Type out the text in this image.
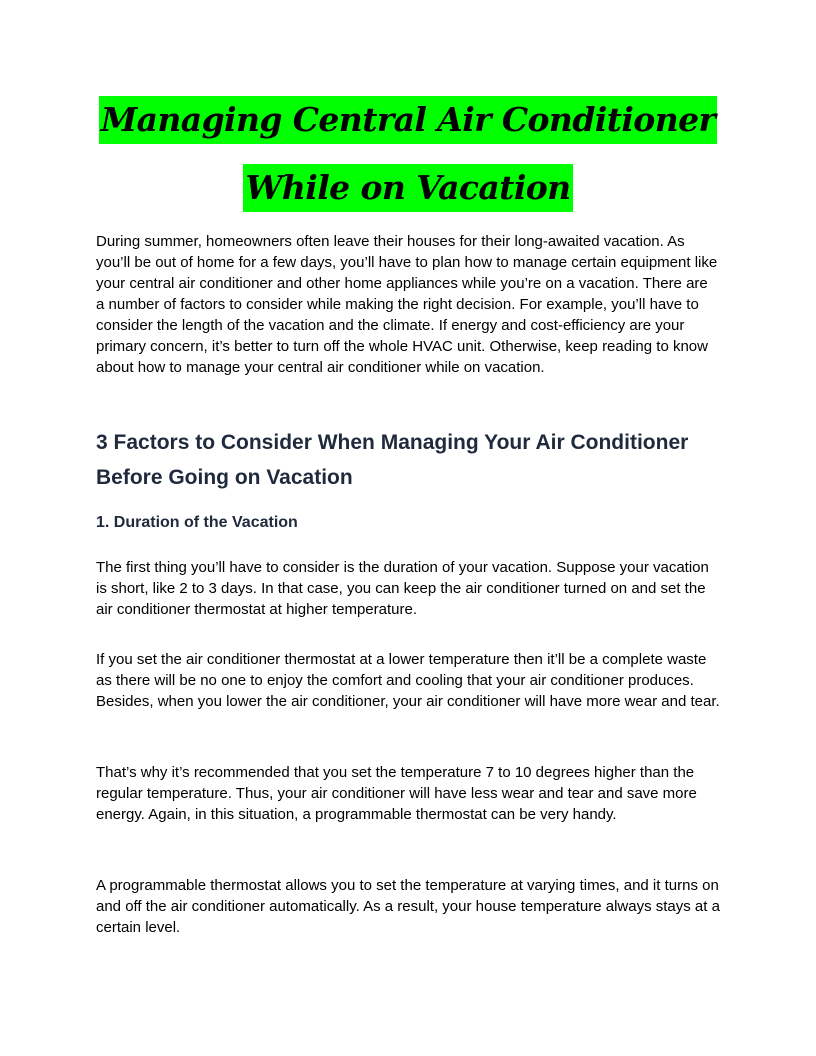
Managing Central Air Conditioner
While on Vacation

During summer, homeowners often leave their houses for their long-awaited vacation. As you’ll be out of home for a few days, you’ll have to plan how to manage certain equipment like your central air conditioner and other home appliances while you’re on a vacation. There are a number of factors to consider while making the right decision. For example, you’ll have to consider the length of the vacation and the climate. If energy and cost-efficiency are your primary concern, it’s better to turn off the whole HVAC unit. Otherwise, keep reading to know about how to manage your central air conditioner while on vacation.

3 Factors to Consider When Managing Your Air Conditioner Before Going on Vacation
1. Duration of the Vacation

The first thing you’ll have to consider is the duration of your vacation. Suppose your vacation is short, like 2 to 3 days. In that case, you can keep the air conditioner turned on and set the air conditioner thermostat at higher temperature.

If you set the air conditioner thermostat at a lower temperature then it’ll be a complete waste as there will be no one to enjoy the comfort and cooling that your air conditioner produces. Besides, when you lower the air conditioner, your air conditioner will have more wear and tear.

That’s why it’s recommended that you set the temperature 7 to 10 degrees higher than the regular temperature. Thus, your air conditioner will have less wear and tear and save more energy. Again, in this situation, a programmable thermostat can be very handy.

A programmable thermostat allows you to set the temperature at varying times, and it turns on and off the air conditioner automatically. As a result, your house temperature always stays at a certain level.
